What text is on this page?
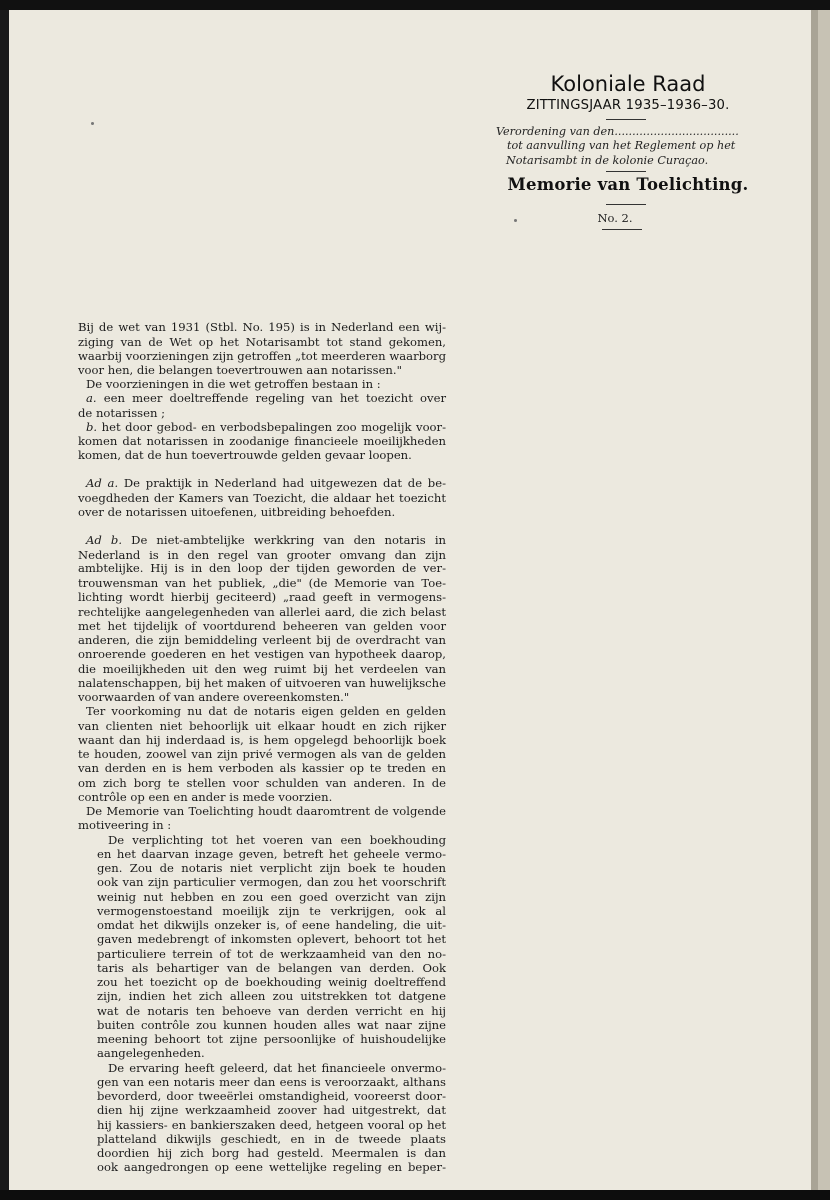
Koloniale Raad
ZITTINGSJAAR 1935–1936–30.
Verordening van den...................................
tot aanvulling van het Reglement op het
Notarisambt in de kolonie Curaçao.
Memorie van Toelichting.
No. 2.
Bij de wet van 1931 (Stbl. No. 195) is in Nederland een wij-
ziging van de Wet op het Notarisambt tot stand gekomen,
waarbij voorzieningen zijn getroffen „tot meerderen waarborg
voor hen, die belangen toevertrouwen aan notarissen."
De voorzieningen in die wet getroffen bestaan in :
a. een meer doeltreffende regeling van het toezicht over
de notarissen ;
b. het door gebod- en verbodsbepalingen zoo mogelijk voor-
komen dat notarissen in zoodanige financieele moeilijkheden
komen, dat de hun toevertrouwde gelden gevaar loopen.
Ad a. De praktijk in Nederland had uitgewezen dat de be-
voegdheden der Kamers van Toezicht, die aldaar het toezicht
over de notarissen uitoefenen, uitbreiding behoefden.
Ad b. De niet-ambtelijke werkkring van den notaris in
Nederland is in den regel van grooter omvang dan zijn
ambtelijke. Hij is in den loop der tijden geworden de ver-
trouwensman van het publiek, „die" (de Memorie van Toe-
lichting wordt hierbij geciteerd) „raad geeft in vermogens-
rechtelijke aangelegenheden van allerlei aard, die zich belast
met het tijdelijk of voortdurend beheeren van gelden voor
anderen, die zijn bemiddeling verleent bij de overdracht van
onroerende goederen en het vestigen van hypotheek daarop,
die moeilijkheden uit den weg ruimt bij het verdeelen van
nalatenschappen, bij het maken of uitvoeren van huwelijksche
voorwaarden of van andere overeenkomsten."
Ter voorkoming nu dat de notaris eigen gelden en gelden
van clienten niet behoorlijk uit elkaar houdt en zich rijker
waant dan hij inderdaad is, is hem opgelegd behoorlijk boek
te houden, zoowel van zijn privé vermogen als van de gelden
van derden en is hem verboden als kassier op te treden en
om zich borg te stellen voor schulden van anderen. In de
contrôle op een en ander is mede voorzien.
De Memorie van Toelichting houdt daaromtrent de volgende
motiveering in :
De verplichting tot het voeren van een boekhouding
en het daarvan inzage geven, betreft het geheele vermo-
gen. Zou de notaris niet verplicht zijn boek te houden
ook van zijn particulier vermogen, dan zou het voorschrift
weinig nut hebben en zou een goed overzicht van zijn
vermogenstoestand moeilijk zijn te verkrijgen, ook al
omdat het dikwijls onzeker is, of eene handeling, die uit-
gaven medebrengt of inkomsten oplevert, behoort tot het
particuliere terrein of tot de werkzaamheid van den no-
taris als behartiger van de belangen van derden. Ook
zou het toezicht op de boekhouding weinig doeltreffend
zijn, indien het zich alleen zou uitstrekken tot datgene
wat de notaris ten behoeve van derden verricht en hij
buiten contrôle zou kunnen houden alles wat naar zijne
meening behoort tot zijne persoonlijke of huishoudelijke
aangelegenheden.
De ervaring heeft geleerd, dat het financieele onvermo-
gen van een notaris meer dan eens is veroorzaakt, althans
bevorderd, door tweeërlei omstandigheid, vooreerst door-
dien hij zijne werkzaamheid zoover had uitgestrekt, dat
hij kassiers- en bankierszaken deed, hetgeen vooral op het
platteland dikwijls geschiedt, en in de tweede plaats
doordien hij zich borg had gesteld. Meermalen is dan
ook aangedrongen op eene wettelijke regeling en beper-
